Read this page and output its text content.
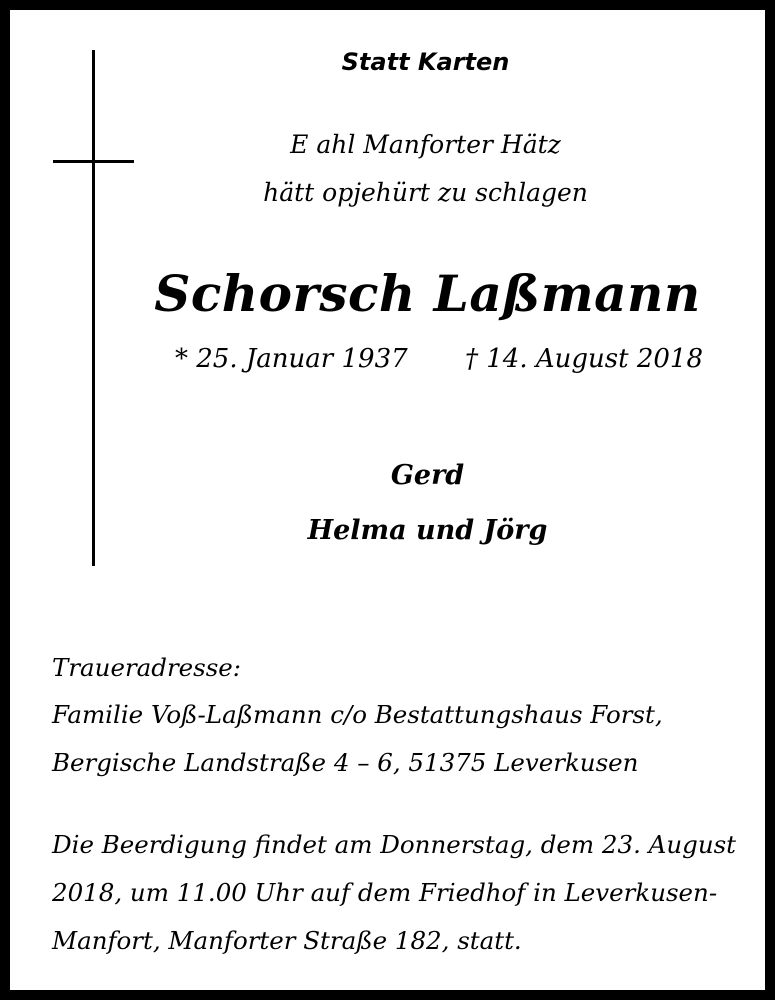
Statt Karten
E ahl Manforter Hätz
hätt opjehürt zu schlagen
Schorsch Laßmann
* 25. Januar 1937 † 14. August 2018
Gerd
Helma und Jörg
Traueradresse:
Familie Voß-Laßmann c/o Bestattungshaus Forst,
Bergische Landstraße 4 – 6, 51375 Leverkusen
Die Beerdigung findet am Donnerstag, dem 23. August
2018, um 11.00 Uhr auf dem Friedhof in Leverkusen-
Manfort, Manforter Straße 182, statt.
